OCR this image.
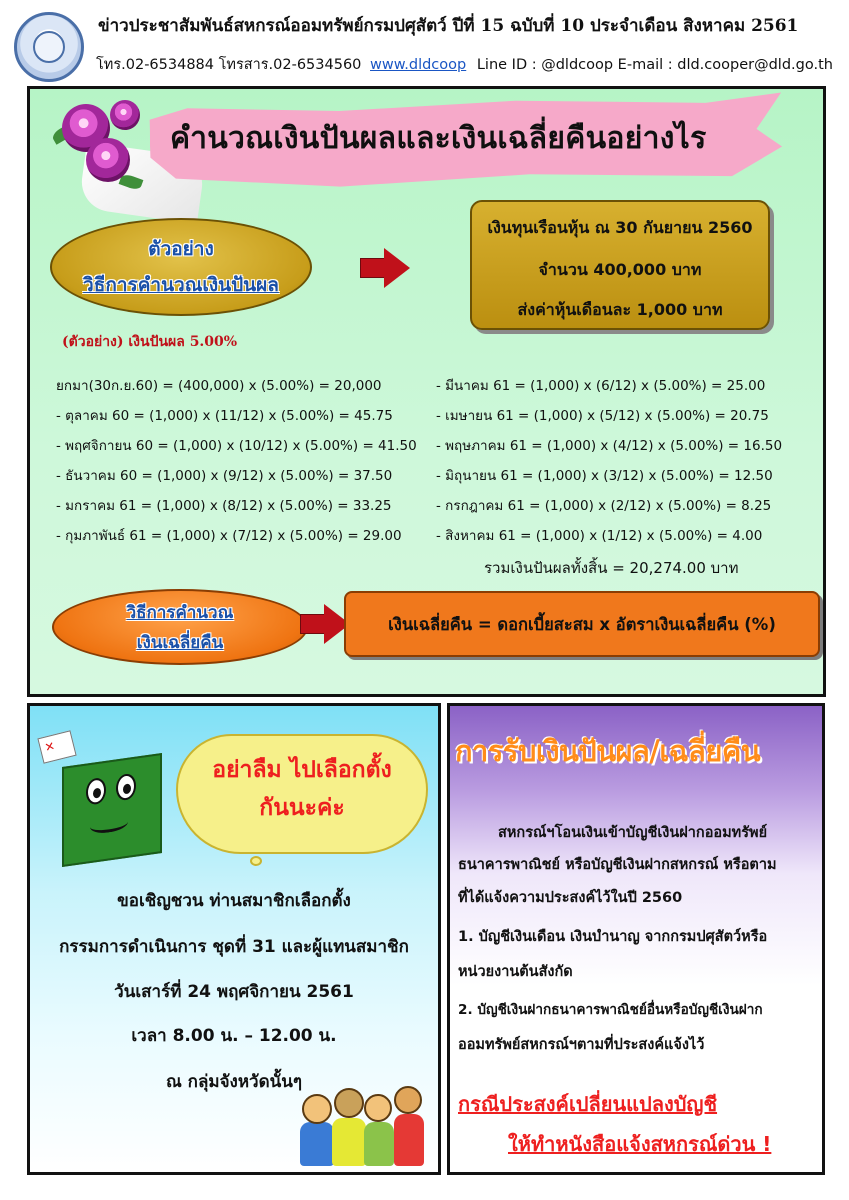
ข่าวประชาสัมพันธ์สหกรณ์ออมทรัพย์กรมปศุสัตว์ ปีที่ 15 ฉบับที่ 10 ประจำเดือน สิงหาคม 2561
โทร.02-6534884 โทรสาร.02-6534560 www.dldcoop Line ID : @dldcoop E-mail : dld.cooper@dld.go.th
คำนวณเงินปันผลและเงินเฉลี่ยคืนอย่างไร
ตัวอย่าง
วิธีการคำนวณเงินปันผล
เงินทุนเรือนหุ้น ณ 30 กันยายน 2560
จำนวน 400,000 บาท
ส่งค่าหุ้นเดือนละ 1,000 บาท
(ตัวอย่าง) เงินปันผล 5.00%
ยกมา(30ก.ย.60) = (400,000) x (5.00%) = 20,000
- ตุลาคม 60 = (1,000) x (11/12) x (5.00%) = 45.75
- พฤศจิกายน 60 = (1,000) x (10/12) x (5.00%) = 41.50
- ธันวาคม 60 = (1,000) x (9/12) x (5.00%) = 37.50
- มกราคม 61 = (1,000) x (8/12) x (5.00%) = 33.25
- กุมภาพันธ์ 61 = (1,000) x (7/12) x (5.00%) = 29.00
- มีนาคม 61 = (1,000) x (6/12) x (5.00%) = 25.00
- เมษายน 61 = (1,000) x (5/12) x (5.00%) = 20.75
- พฤษภาคม 61 = (1,000) x (4/12) x (5.00%) = 16.50
- มิถุนายน 61 = (1,000) x (3/12) x (5.00%) = 12.50
- กรกฎาคม 61 = (1,000) x (2/12) x (5.00%) = 8.25
- สิงหาคม 61 = (1,000) x (1/12) x (5.00%) = 4.00
รวมเงินปันผลทั้งสิ้น = 20,274.00 บาท
วิธีการคำนวณ
เงินเฉลี่ยคืน
เงินเฉลี่ยคืน = ดอกเบี้ยสะสม x อัตราเงินเฉลี่ยคืน (%)
อย่าลืม ไปเลือกตั้ง
กันนะค่ะ
✕
ขอเชิญชวน ท่านสมาชิกเลือกตั้ง
กรรมการดำเนินการ ชุดที่ 31 และผู้แทนสมาชิก
วันเสาร์ที่ 24 พฤศจิกายน 2561
เวลา 8.00 น. – 12.00 น.
ณ กลุ่มจังหวัดนั้นๆ
การรับเงินปันผล/เฉลี่ยคืน
สหกรณ์ฯโอนเงินเข้าบัญชีเงินฝากออมทรัพย์
ธนาคารพาณิชย์ หรือบัญชีเงินฝากสหกรณ์ หรือตาม
ที่ได้แจ้งความประสงค์ไว้ในปี 2560
1. บัญชีเงินเดือน เงินบำนาญ จากกรมปศุสัตว์หรือ
หน่วยงานต้นสังกัด
2. บัญชีเงินฝากธนาคารพาณิชย์อื่นหรือบัญชีเงินฝาก
ออมทรัพย์สหกรณ์ฯตามที่ประสงค์แจ้งไว้
กรณีประสงค์เปลี่ยนแปลงบัญชี
ให้ทำหนังสือแจ้งสหกรณ์ด่วน !
